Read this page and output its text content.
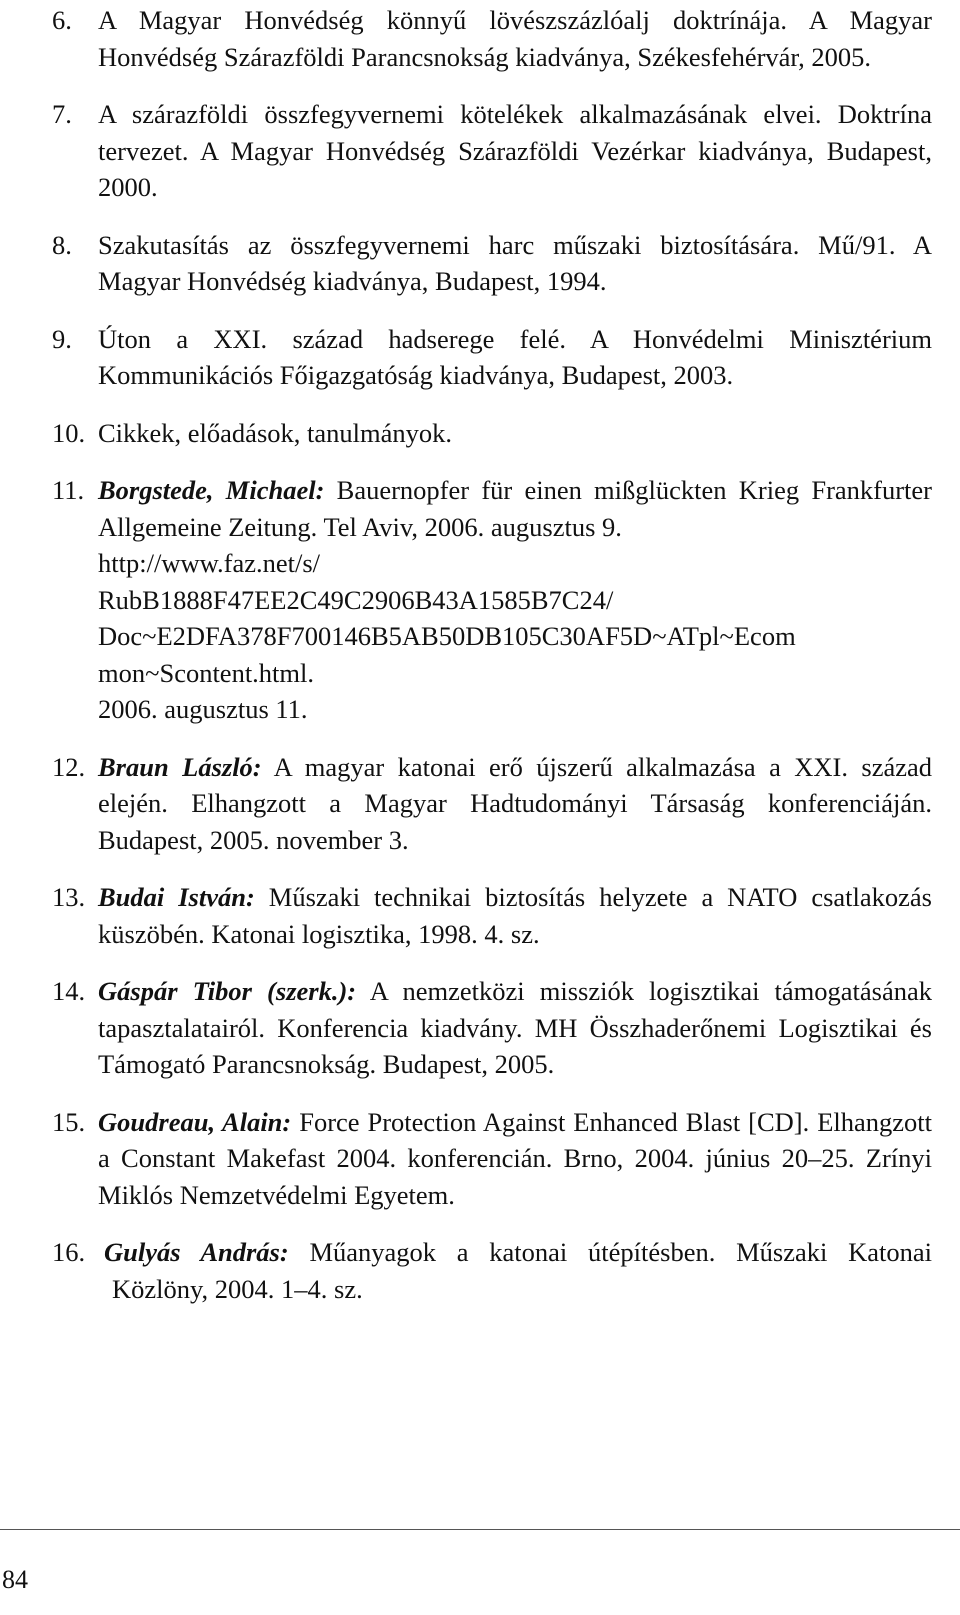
6. A Magyar Honvédség könnyű lövészszázlóalj doktrínája. A Magyar Honvédség Szárazföldi Parancsnokság kiadványa, Székesfehérvár, 2005.
7. A szárazföldi összfegyvernemi kötelékek alkalmazásának elvei. Doktrína tervezet. A Magyar Honvédség Szárazföldi Vezérkar kiadványa, Budapest, 2000.
8. Szakutasítás az összfegyvernemi harc műszaki biztosítására. Mű/91. A Magyar Honvédség kiadványa, Budapest, 1994.
9. Úton a XXI. század hadserege felé. A Honvédelmi Minisztérium Kommunikációs Főigazgatóság kiadványa, Budapest, 2003.
10. Cikkek, előadások, tanulmányok.
11. Borgstede, Michael: Bauernopfer für einen mißglückten Krieg Frankfurter Allgemeine Zeitung. Tel Aviv, 2006. augusztus 9.
http://www.faz.net/s/
RubB1888F47EE2C49C2906B43A1585B7C24/
Doc~E2DFA378F700146B5AB50DB105C30AF5D~ATpl~Ecom
mon~Scontent.html.
2006. augusztus 11.
12. Braun László: A magyar katonai erő újszerű alkalmazása a XXI. század elején. Elhangzott a Magyar Hadtudományi Társaság konferenciáján. Budapest, 2005. november 3.
13. Budai István: Műszaki technikai biztosítás helyzete a NATO csatlakozás küszöbén. Katonai logisztika, 1998. 4. sz.
14. Gáspár Tibor (szerk.): A nemzetközi missziók logisztikai támogatásának tapasztalatairól. Konferencia kiadvány. MH Összhaderőnemi Logisztikai és Támogató Parancsnokság. Budapest, 2005.
15. Goudreau, Alain: Force Protection Against Enhanced Blast [CD]. Elhangzott a Constant Makefast 2004. konferencián. Brno, 2004. június 20–25. Zrínyi Miklós Nemzetvédelmi Egyetem.
16. Gulyás András: Műanyagok a katonai útépítésben. Műszaki Katonai Közlöny, 2004. 1–4. sz.
84
